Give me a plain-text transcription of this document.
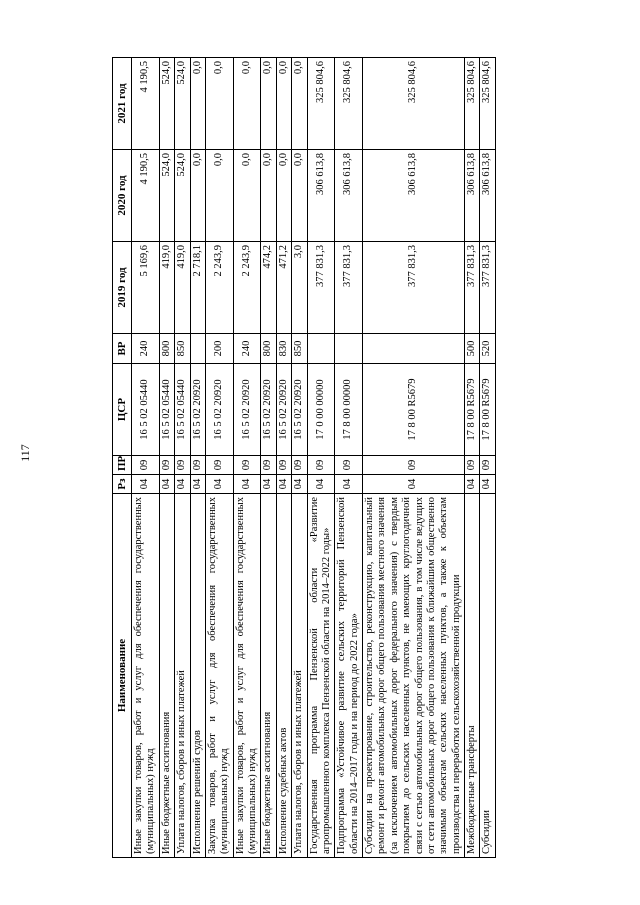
117
Наименование	Рз	ПР	ЦСР	ВР	2019 год	2020 год	2021 год
Иные закупки товаров, работ и услуг для обеспечения государственных (муниципальных) нужд	04	09	16 5 02 05440	240	5 169,6	4 190,5	4 190,5
Иные бюджетные ассигнования	04	09	16 5 02 05440	800	419,0	524,0	524,0
Уплата налогов, сборов и иных платежей	04	09	16 5 02 05440	850	419,0	524,0	524,0
Исполнение решений судов	04	09	16 5 02 20920		2 718,1	0,0	0,0
Закупка товаров, работ и услуг для обеспечения государственных (муниципальных) нужд	04	09	16 5 02 20920	200	2 243,9	0,0	0,0
Иные закупки товаров, работ и услуг для обеспечения государственных (муниципальных) нужд	04	09	16 5 02 20920	240	2 243,9	0,0	0,0
Иные бюджетные ассигнования	04	09	16 5 02 20920	800	474,2	0,0	0,0
Исполнение судебных актов	04	09	16 5 02 20920	830	471,2	0,0	0,0
Уплата налогов, сборов и иных платежей	04	09	16 5 02 20920	850	3,0	0,0	0,0
Государственная программа Пензенской области «Развитие агропромышленного комплекса Пензенской области на 2014–2022 годы»	04	09	17 0 00 00000		377 831,3	306 613,8	325 804,6
Подпрограмма «Устойчивое развитие сельских территорий Пензенской области на 2014–2017 годы и на период до 2022 года»	04	09	17 8 00 00000		377 831,3	306 613,8	325 804,6
Субсидии на проектирование, строительство, реконструкцию, капитальный ремонт и ремонт автомобильных дорог общего пользования местного значения (за исключением автомобильных дорог федерального значения) с твердым покрытием до сельских населенных пунктов, не имеющих круглогодичной связи с сетью автомобильных дорог общего пользования, в том числе ведущих от сети автомобильных дорог общего пользования к ближайшим общественно значимым объектам сельских населенных пунктов, а также к объектам производства и переработки сельскохозяйственной продукции	04	09	17 8 00 R5679		377 831,3	306 613,8	325 804,6
Межбюджетные трансферты	04	09	17 8 00 R5679	500	377 831,3	306 613,8	325 804,6
Субсидии	04	09	17 8 00 R5679	520	377 831,3	306 613,8	325 804,6
